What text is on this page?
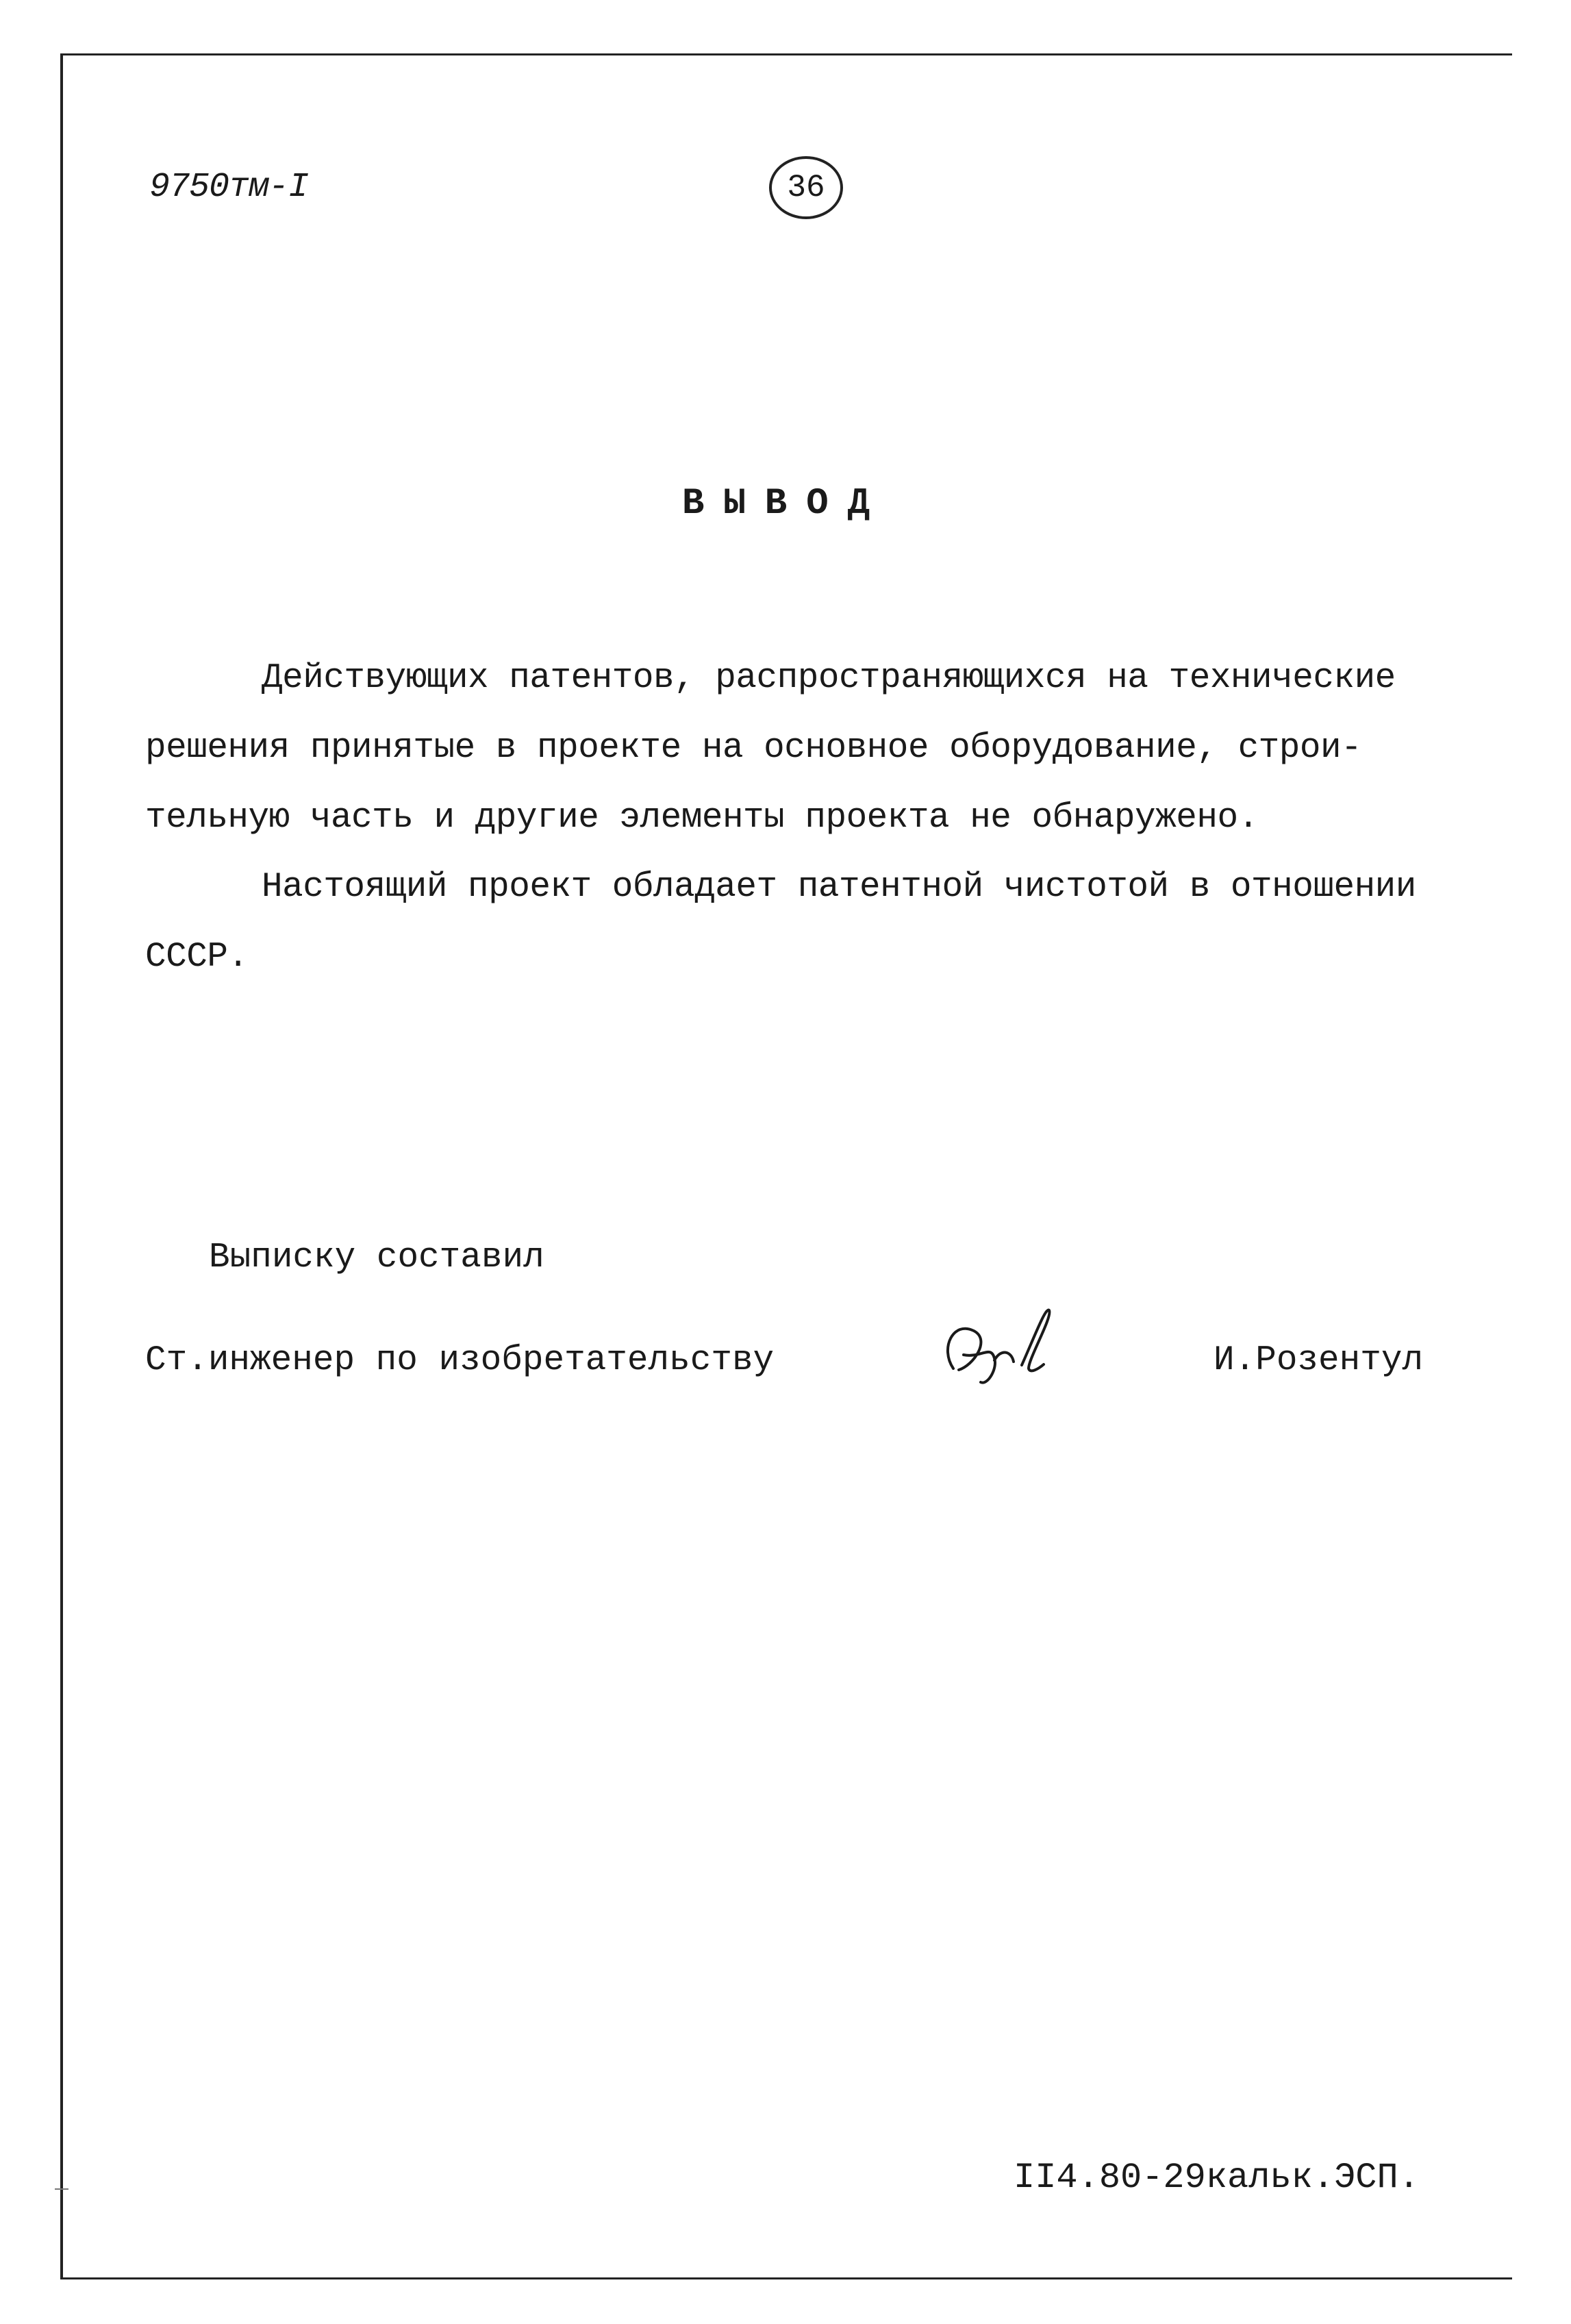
9750тм-I	36
ВЫВОД
Действующих патентов, распространяющихся на технические
решения принятые в проекте на основное оборудование, строи-
тельную часть и другие элементы проекта не обнаружено.
Настоящий проект обладает патентной чистотой в отношении
СССР.
Выписку составил
Ст.инженер по изобретательству	И.Розентул
II4.80-29кальк.ЭСП.
